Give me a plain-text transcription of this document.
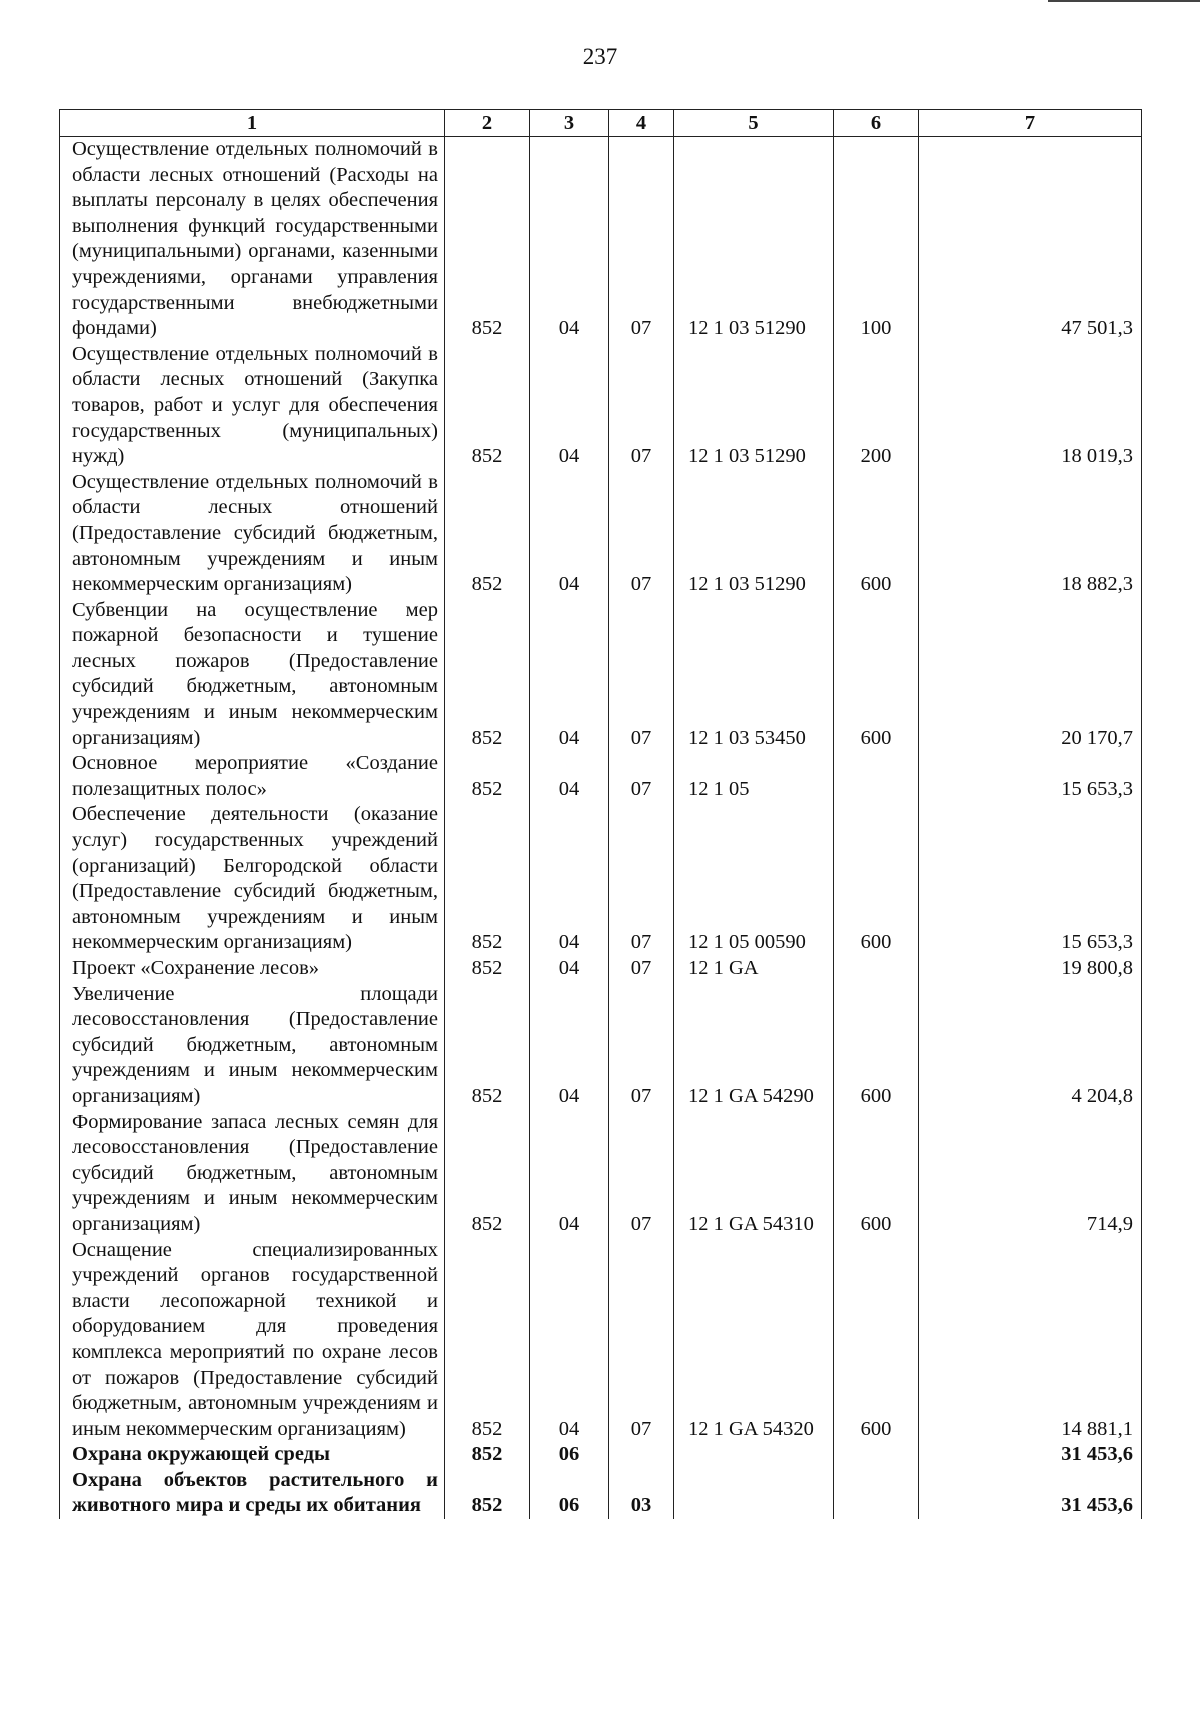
237
1	2	3	4	5	6	7
Осуществление отдельных полномочий в области лесных отношений (Расходы на выплаты персоналу в целях обеспечения выполнения функций государственными (муниципальными) органами, казенными учреждениями, органами управления государственными внебюджетными фондами)	852	04	07	12 1 03 51290	100	47 501,3
Осуществление отдельных полномочий в области лесных отношений (Закупка товаров, работ и услуг для обеспечения государственных (муниципальных) нужд)	852	04	07	12 1 03 51290	200	18 019,3
Осуществление отдельных полномочий в области лесных отношений (Предоставление субсидий бюджетным, автономным учреждениям и иным некоммерческим организациям)	852	04	07	12 1 03 51290	600	18 882,3
Субвенции на осуществление мер пожарной безопасности и тушение лесных пожаров (Предоставление субсидий бюджетным, автономным учреждениям и иным некоммерческим организациям)	852	04	07	12 1 03 53450	600	20 170,7
Основное мероприятие «Создание полезащитных полос»	852	04	07	12 1 05		15 653,3
Обеспечение деятельности (оказание услуг) государственных учреждений (организаций) Белгородской области (Предоставление субсидий бюджетным, автономным учреждениям и иным некоммерческим организациям)	852	04	07	12 1 05 00590	600	15 653,3
Проект «Сохранение лесов»	852	04	07	12 1 GA		19 800,8
Увеличение площади лесовосстановления (Предоставление субсидий бюджетным, автономным учреждениям и иным некоммерческим организациям)	852	04	07	12 1 GA 54290	600	4 204,8
Формирование запаса лесных семян для лесовосстановления (Предоставление субсидий бюджетным, автономным учреждениям и иным некоммерческим организациям)	852	04	07	12 1 GA 54310	600	714,9
Оснащение специализированных учреждений органов государственной власти лесопожарной техникой и оборудованием для проведения комплекса мероприятий по охране лесов от пожаров (Предоставление субсидий бюджетным, автономным учреждениям и иным некоммерческим организациям)	852	04	07	12 1 GA 54320	600	14 881,1
Охрана окружающей среды	852	06				31 453,6
Охрана объектов растительного и животного мира и среды их обитания	852	06	03			31 453,6
